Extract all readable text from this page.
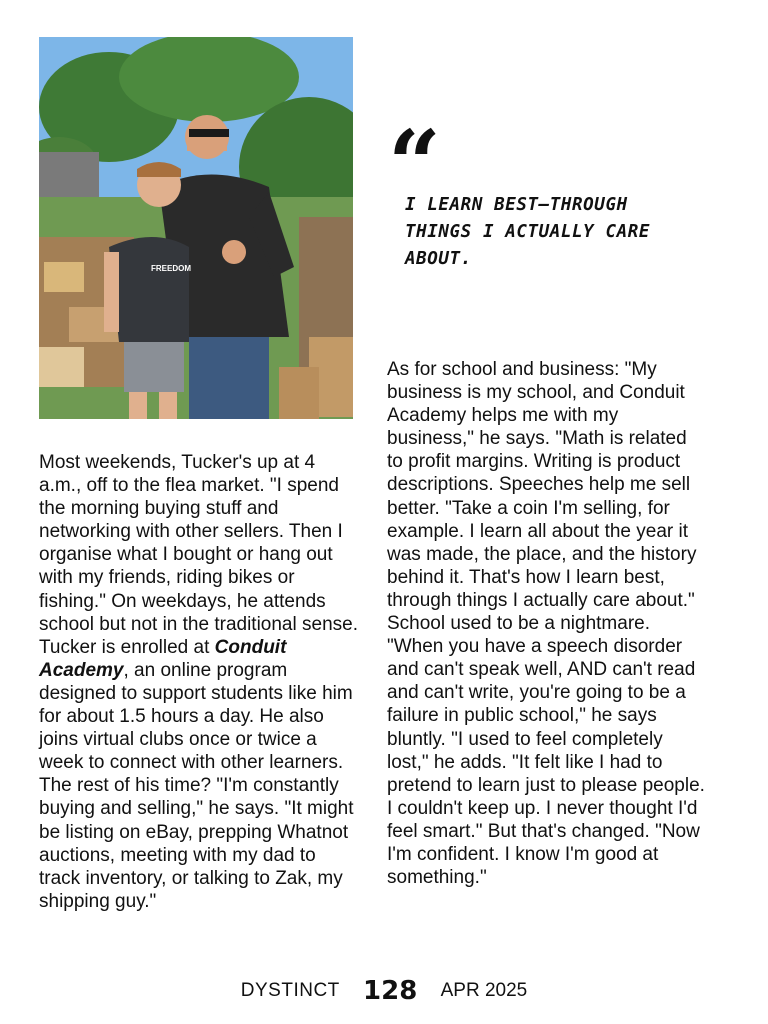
FREEDOM
“
I LEARN BEST—THROUGH THINGS I ACTUALLY CARE ABOUT.
Most weekends, Tucker's up at 4 a.m., off to the flea market. "I spend the morning buying stuff and networking with other sellers. Then I organise what I bought or hang out with my friends, riding bikes or fishing." On weekdays, he attends school but not in the traditional sense. Tucker is enrolled at Conduit Academy, an online program designed to support students like him for about 1.5 hours a day. He also joins virtual clubs once or twice a week to connect with other learners. The rest of his time? "I'm constantly buying and selling," he says. "It might be listing on eBay, prepping Whatnot auctions, meeting with my dad to track inventory, or talking to Zak, my shipping guy."
As for school and business: "My business is my school, and Conduit Academy helps me with my business," he says. "Math is related to profit margins. Writing is product descriptions. Speeches help me sell better. "Take a coin I'm selling, for example. I learn all about the year it was made, the place, and the history behind it. That's how I learn best, through things I actually care about." School used to be a nightmare. "When you have a speech disorder and can't speak well, AND can't read and can't write, you're going to be a failure in public school," he says bluntly. "I used to feel completely lost," he adds. "It felt like I had to pretend to learn just to please people. I couldn't keep up. I never thought I'd feel smart." But that's changed. "Now I'm confident. I know I'm good at something."
DYSTINCT 128 APR 2025
